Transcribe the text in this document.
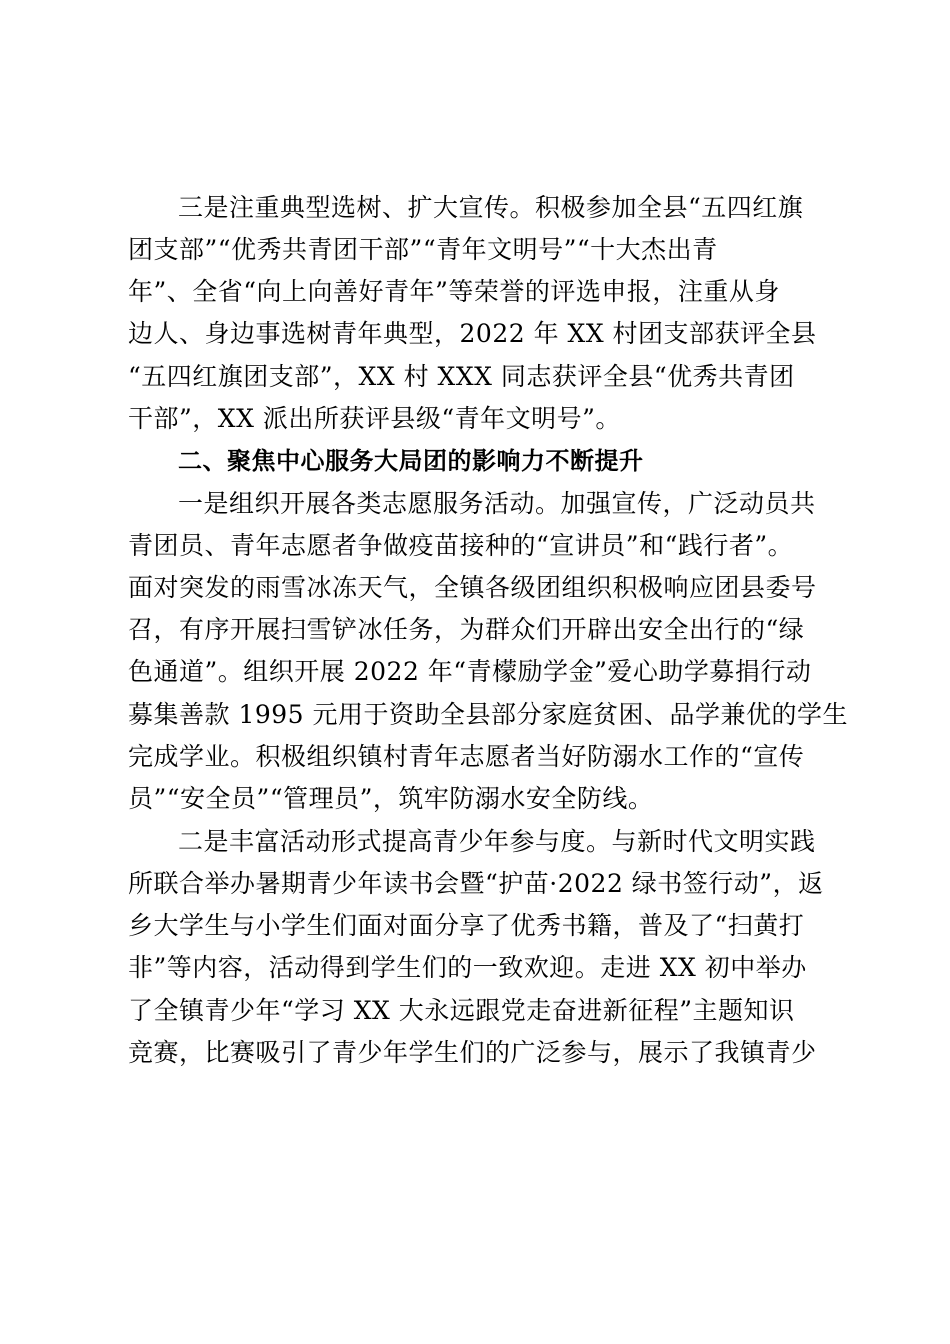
三是注重典型选树、扩大宣传。积极参加全县“五四红旗
团支部”“优秀共青团干部”“青年文明号”“十大杰出青
年”、全省“向上向善好青年”等荣誉的评选申报，注重从身
边人、身边事选树青年典型，2022 年 XX 村团支部获评全县
“五四红旗团支部”，XX 村 XXX 同志获评全县“优秀共青团
干部”，XX 派出所获评县级“青年文明号”。
二、聚焦中心服务大局团的影响力不断提升
一是组织开展各类志愿服务活动。加强宣传，广泛动员共
青团员、青年志愿者争做疫苗接种的“宣讲员”和“践行者”。
面对突发的雨雪冰冻天气，全镇各级团组织积极响应团县委号
召，有序开展扫雪铲冰任务，为群众们开辟出安全出行的“绿
色通道”。组织开展 2022 年“青檬励学金”爱心助学募捐行动
募集善款 1995 元用于资助全县部分家庭贫困、品学兼优的学生
完成学业。积极组织镇村青年志愿者当好防溺水工作的“宣传
员”“安全员”“管理员”，筑牢防溺水安全防线。
二是丰富活动形式提高青少年参与度。与新时代文明实践
所联合举办暑期青少年读书会暨“护苗·2022 绿书签行动”，返
乡大学生与小学生们面对面分享了优秀书籍，普及了“扫黄打
非”等内容，活动得到学生们的一致欢迎。走进 XX 初中举办
了全镇青少年“学习 XX 大永远跟党走奋进新征程”主题知识
竞赛，比赛吸引了青少年学生们的广泛参与，展示了我镇青少
